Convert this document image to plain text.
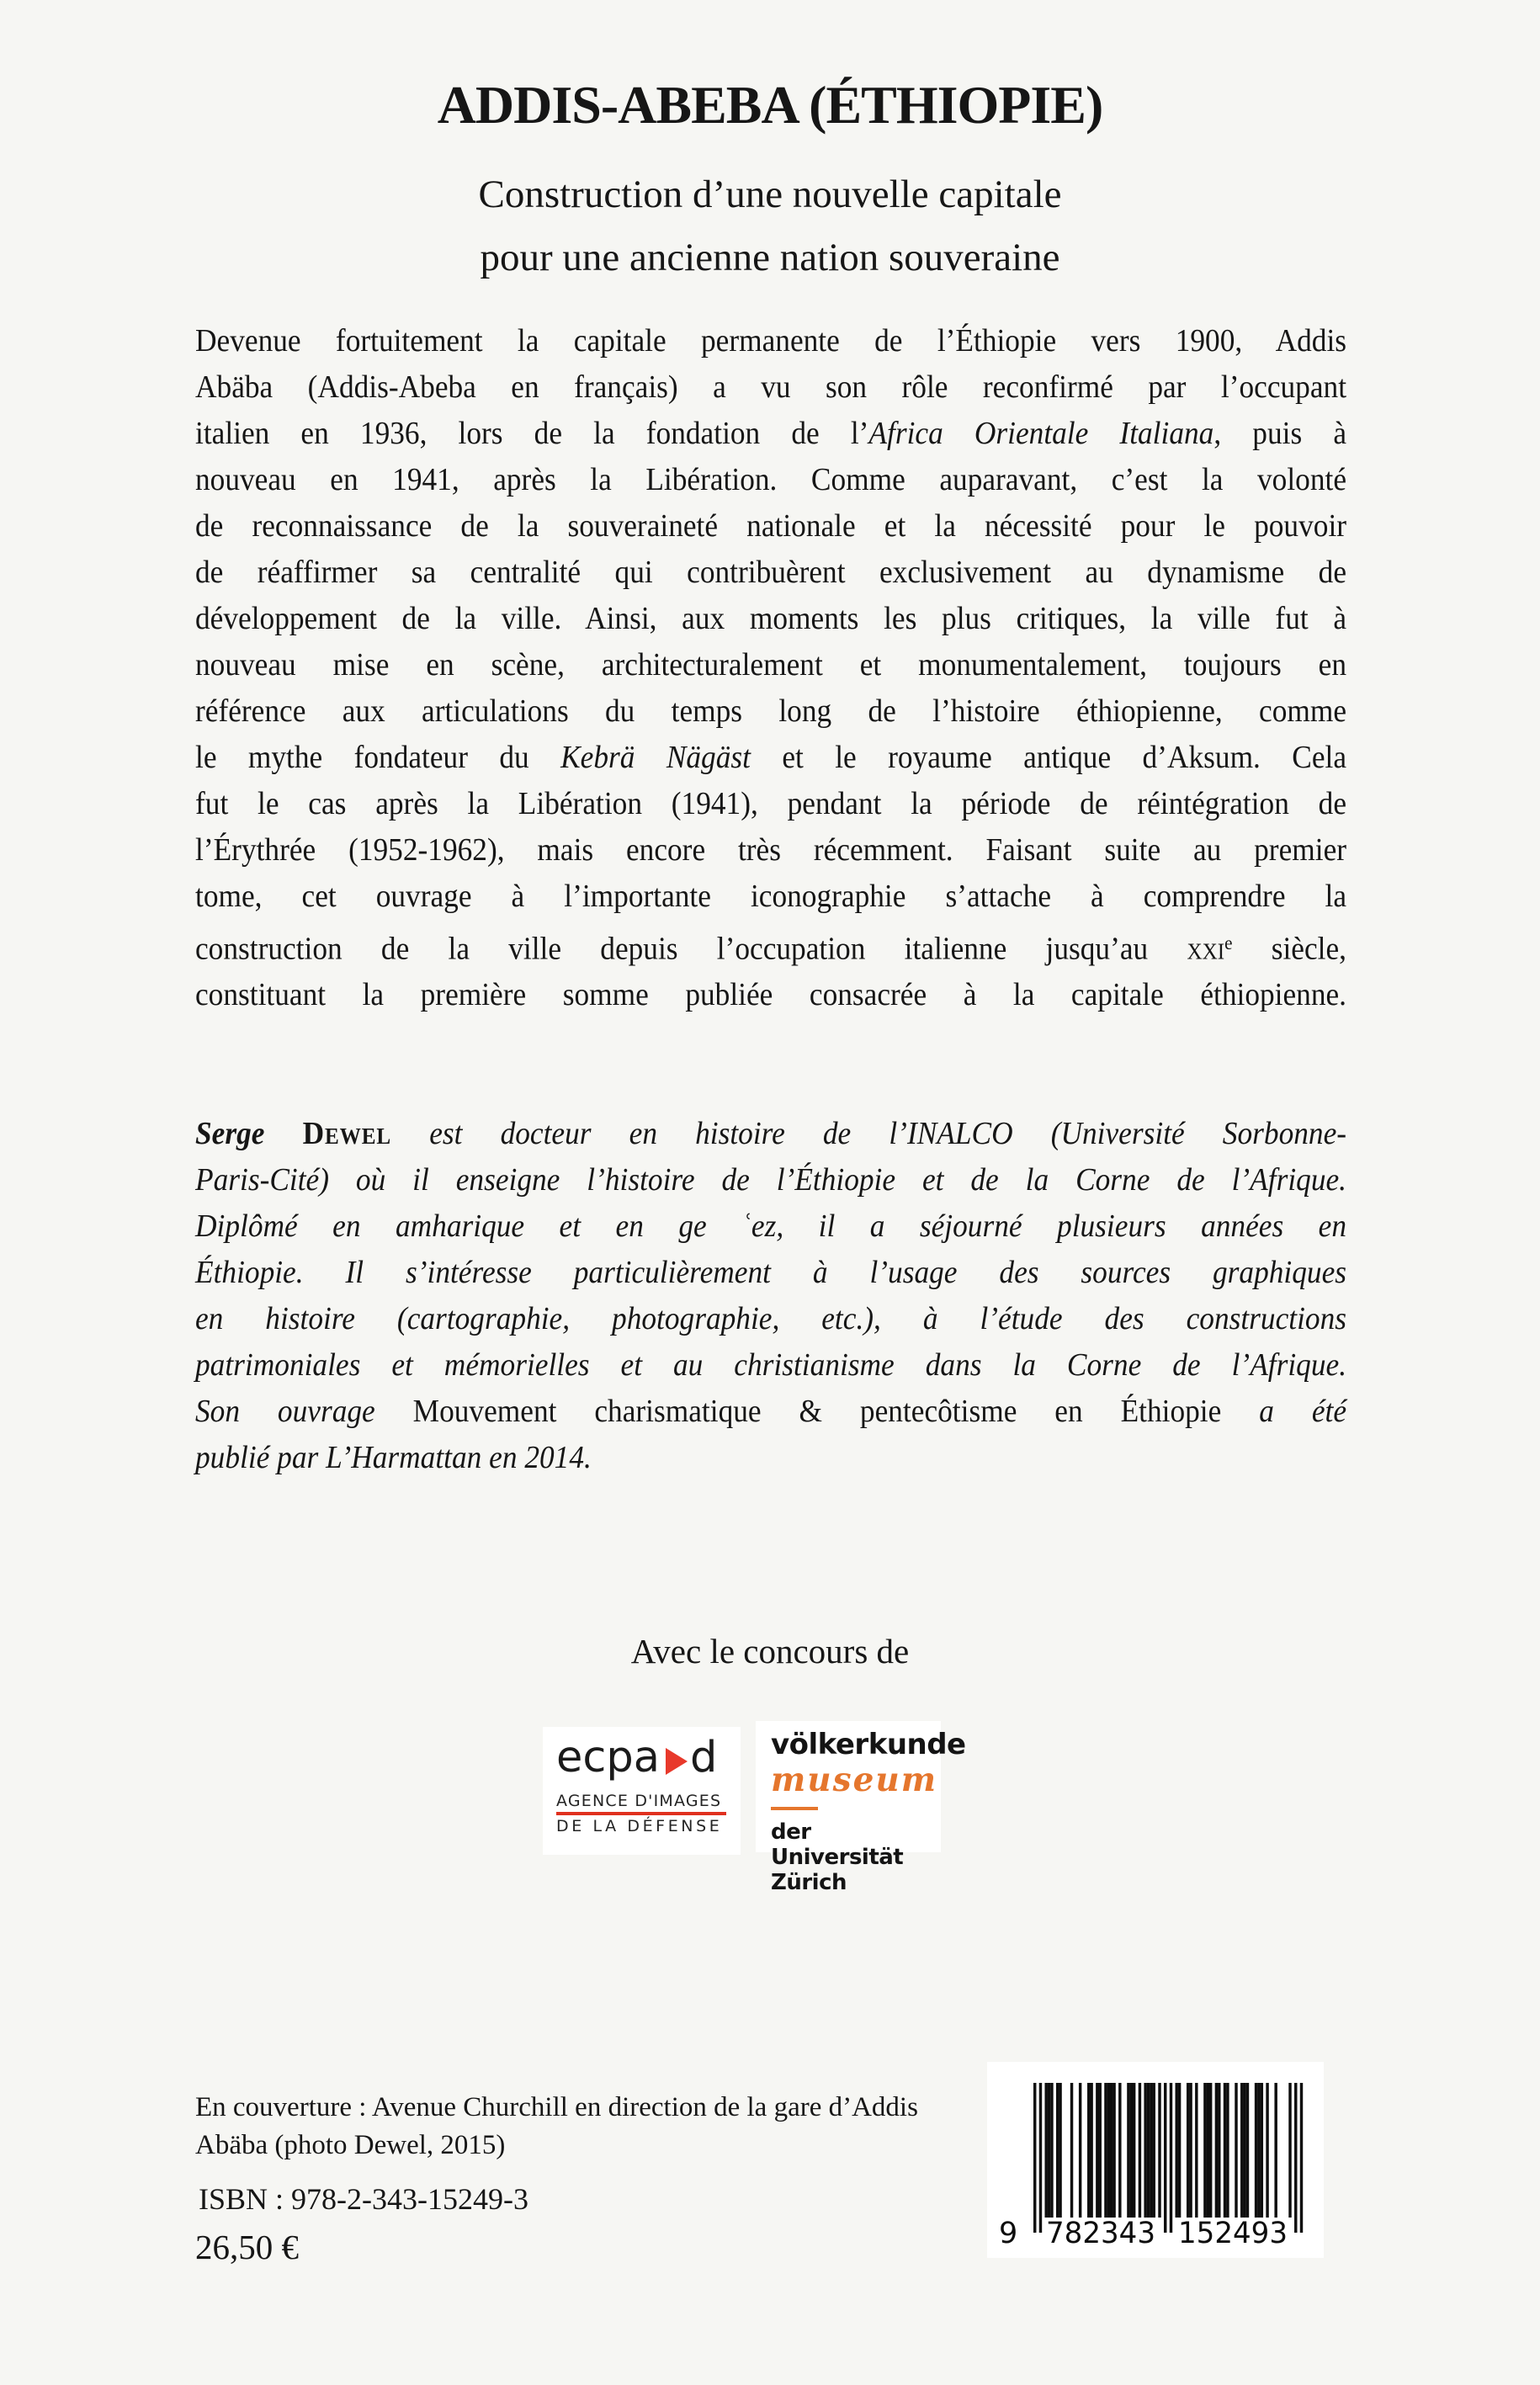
ADDIS-ABEBA (ÉTHIOPIE)
Construction d’une nouvelle capitale
pour une ancienne nation souveraine
Devenue fortuitement la capitale permanente de l’Éthiopie vers 1900, Addis
Abäba (Addis-Abeba en français) a vu son rôle reconfirmé par l’occupant
italien en 1936, lors de la fondation de l’Africa Orientale Italiana, puis à
nouveau en 1941, après la Libération. Comme auparavant, c’est la volonté
de reconnaissance de la souveraineté nationale et la nécessité pour le pouvoir
de réaffirmer sa centralité qui contribuèrent exclusivement au dynamisme de
développement de la ville. Ainsi, aux moments les plus critiques, la ville fut à
nouveau mise en scène, architecturalement et monumentalement, toujours en
référence aux articulations du temps long de l’histoire éthiopienne, comme
le mythe fondateur du Kebrä Nägäst et le royaume antique d’Aksum. Cela
fut le cas après la Libération (1941), pendant la période de réintégration de
l’Érythrée (1952-1962), mais encore très récemment. Faisant suite au premier
tome, cet ouvrage à l’importante iconographie s’attache à comprendre la
construction de la ville depuis l’occupation italienne jusqu’au xxi$^e$ siècle,
constituant la première somme publiée consacrée à la capitale éthiopienne.
Serge Dewel est docteur en histoire de l’INALCO (Université Sorbonne-
Paris-Cité) où il enseigne l’histoire de l’Éthiopie et de la Corne de l’Afrique.
Diplômé en amharique et en ge ʿez, il a séjourné plusieurs années en
Éthiopie. Il s’intéresse particulièrement à l’usage des sources graphiques
en histoire (cartographie, photographie, etc.), à l’étude des constructions
patrimoniales et mémorielles et au christianisme dans la Corne de l’Afrique.
Son ouvrage Mouvement charismatique & pentecôtisme en Éthiopie a été
publié par L’Harmattan en 2014.
Avec le concours de
ecpa d
AGENCE D'IMAGES
DE LA DÉFENSE
völkerkunde
museum
der Universität Zürich
En couverture : Avenue Churchill en direction de la gare d’Addis
Abäba (photo Dewel, 2015)
ISBN : 978-2-343-15249-3
26,50 €	9 782343 152493
